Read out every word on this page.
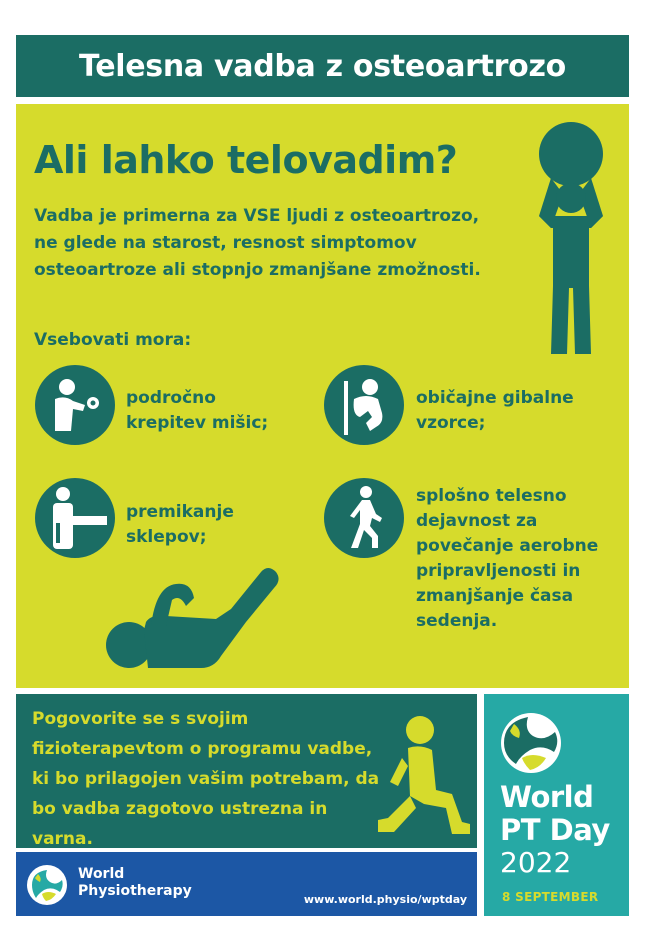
Telesna vadba z osteoartrozo
Ali lahko telovadim?
Vadba je primerna za VSE ljudi z osteoartrozo, ne glede na starost, resnost simptomov osteoartroze ali stopnjo zmanjšane zmožnosti.
Vsebovati mora:
področno
krepitev mišic;
običajne gibalne
vzorce;
premikanje
sklepov;
splošno telesno
dejavnost za
povečanje aerobne
pripravljenosti in
zmanjšanje časa
sedenja.
Pogovorite se s svojim fizioterapevtom o programu vadbe, ki bo prilagojen vašim potrebam, da bo vadba zagotovo ustrezna in varna.
World
Physiotherapy
www.world.physio/wptday
World
PT Day
2022
8 SEPTEMBER
